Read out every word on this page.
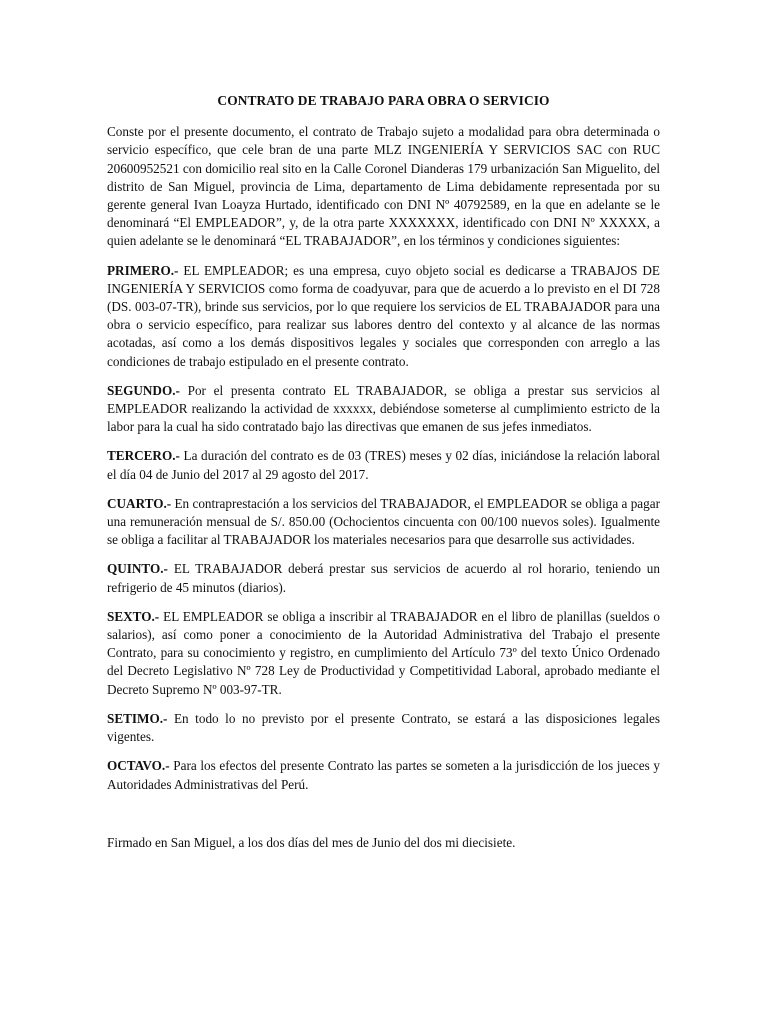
CONTRATO DE TRABAJO PARA OBRA O SERVICIO

Conste por el presente documento, el contrato de Trabajo sujeto a modalidad para obra determinada o servicio específico, que cele bran de una parte MLZ INGENIERÍA Y SERVICIOS SAC con RUC 20600952521 con domicilio real sito en la Calle Coronel Dianderas 179 urbanización San Miguelito, del distrito de San Miguel, provincia de Lima, departamento de Lima debidamente representada por su gerente general Ivan Loayza Hurtado, identificado con DNI Nº 40792589, en la que en adelante se le denominará “El EMPLEADOR”, y, de la otra parte XXXXXXX, identificado con DNI Nº XXXXX, a quien adelante se le denominará “EL TRABAJADOR”, en los términos y condiciones siguientes:

PRIMERO.- EL EMPLEADOR; es una empresa, cuyo objeto social es dedicarse a TRABAJOS DE INGENIERÍA Y SERVICIOS como forma de coadyuvar, para que de acuerdo a lo previsto en el DI 728 (DS. 003-07-TR), brinde sus servicios, por lo que requiere los servicios de EL TRABAJADOR para una obra o servicio específico, para realizar sus labores dentro del contexto y al alcance de las normas acotadas, así como a los demás dispositivos legales y sociales que corresponden con arreglo a las condiciones de trabajo estipulado en el presente contrato.

SEGUNDO.- Por el presenta contrato EL TRABAJADOR, se obliga a prestar sus servicios al EMPLEADOR realizando la actividad de xxxxxx, debiéndose someterse al cumplimiento estricto de la labor para la cual ha sido contratado bajo las directivas que emanen de sus jefes inmediatos.

TERCERO.- La duración del contrato es de 03 (TRES) meses y 02 días, iniciándose la relación laboral el día 04 de Junio del 2017 al 29 agosto del 2017.

CUARTO.- En contraprestación a los servicios del TRABAJADOR, el EMPLEADOR se obliga a pagar una remuneración mensual de S/. 850.00 (Ochocientos cincuenta con 00/100 nuevos soles). Igualmente se obliga a facilitar al TRABAJADOR los materiales necesarios para que desarrolle sus actividades.

QUINTO.- EL TRABAJADOR deberá prestar sus servicios de acuerdo al rol horario, teniendo un refrigerio de 45 minutos (diarios).

SEXTO.- EL EMPLEADOR se obliga a inscribir al TRABAJADOR en el libro de planillas (sueldos o salarios), así como poner a conocimiento de la Autoridad Administrativa del Trabajo el presente Contrato, para su conocimiento y registro, en cumplimiento del Artículo 73º del texto Único Ordenado del Decreto Legislativo Nº 728 Ley de Productividad y Competitividad Laboral, aprobado mediante el Decreto Supremo Nº 003-97-TR.

SETIMO.- En todo lo no previsto por el presente Contrato, se estará a las disposiciones legales vigentes.

OCTAVO.- Para los efectos del presente Contrato las partes se someten a la jurisdicción de los jueces y Autoridades Administrativas del Perú.

Firmado en San Miguel, a los dos días del mes de Junio del dos mi diecisiete.
